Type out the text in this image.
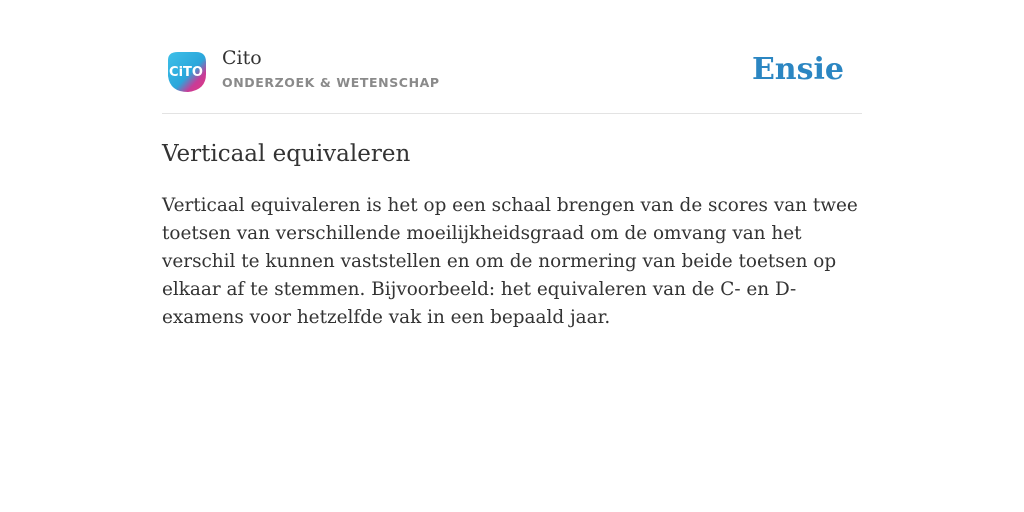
CiTO
Cito
ONDERZOEK & WETENSCHAP	Ensie
Verticaal equivaleren

Verticaal equivaleren is het op een schaal brengen van de scores van twee toetsen van verschillende moeilijkheidsgraad om de omvang van het verschil te kunnen vaststellen en om de normering van beide toetsen op elkaar af te stemmen. Bijvoorbeeld: het equivaleren van de C- en D-examens voor hetzelfde vak in een bepaald jaar.
